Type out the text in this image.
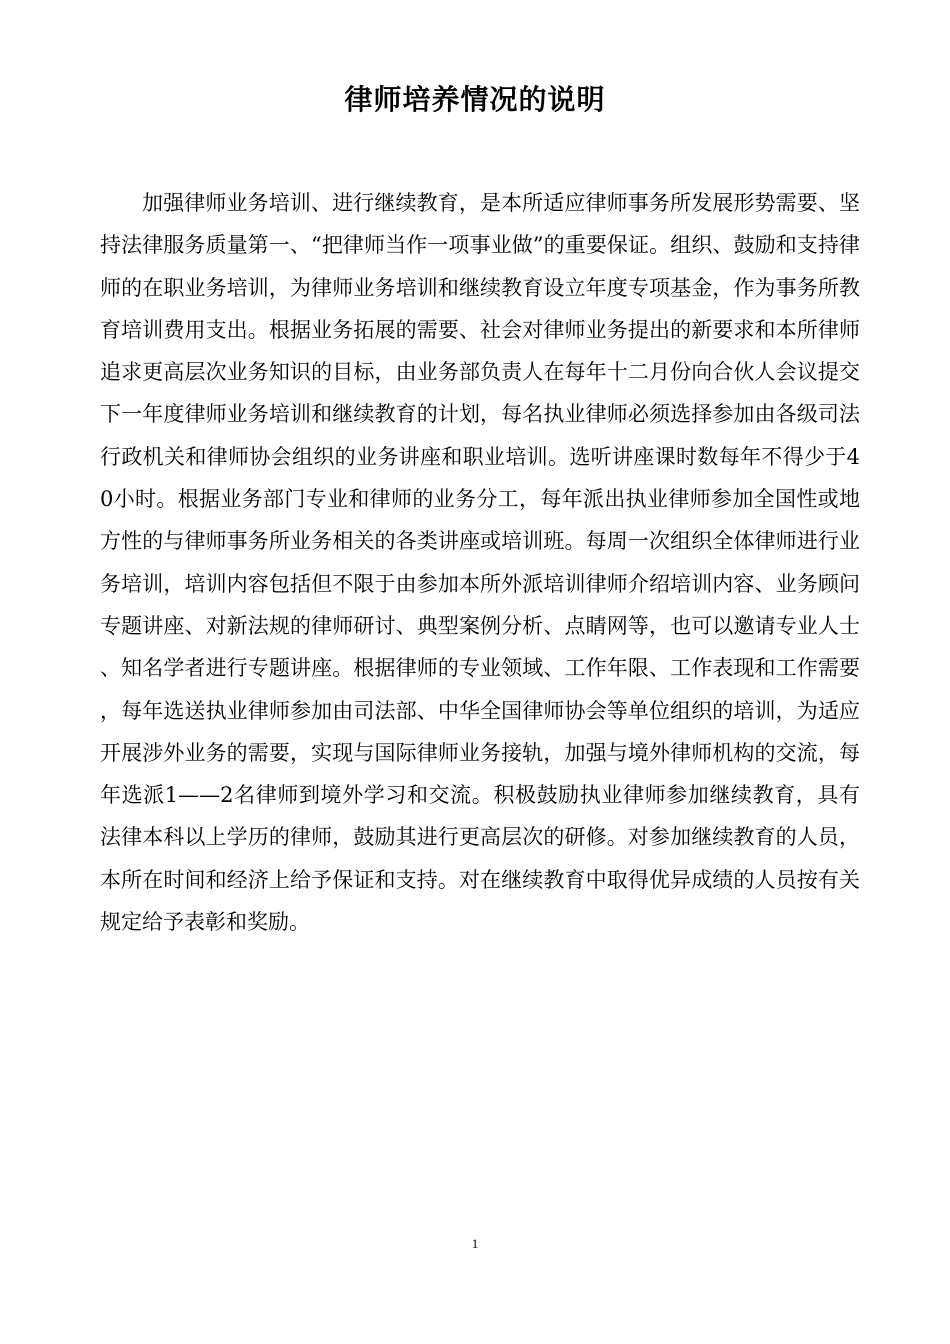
律师培养情况的说明

加强律师业务培训、进行继续教育，是本所适应律师事务所发展形势需要、坚持法律服务质量第一、“把律师当作一项事业做”的重要保证。组织、鼓励和支持律师的在职业务培训，为律师业务培训和继续教育设立年度专项基金，作为事务所教育培训费用支出。根据业务拓展的需要、社会对律师业务提出的新要求和本所律师追求更高层次业务知识的目标，由业务部负责人在每年十二月份向合伙人会议提交下一年度律师业务培训和继续教育的计划，每名执业律师必须选择参加由各级司法行政机关和律师协会组织的业务讲座和职业培训。选听讲座课时数每年不得少于40小时。根据业务部门专业和律师的业务分工，每年派出执业律师参加全国性或地方性的与律师事务所业务相关的各类讲座或培训班。每周一次组织全体律师进行业务培训，培训内容包括但不限于由参加本所外派培训律师介绍培训内容、业务顾问专题讲座、对新法规的律师研讨、典型案例分析、点睛网等，也可以邀请专业人士、知名学者进行专题讲座。根据律师的专业领域、工作年限、工作表现和工作需要，每年选送执业律师参加由司法部、中华全国律师协会等单位组织的培训，为适应开展涉外业务的需要，实现与国际律师业务接轨，加强与境外律师机构的交流，每年选派1——2名律师到境外学习和交流。积极鼓励执业律师参加继续教育，具有法律本科以上学历的律师，鼓励其进行更高层次的研修。对参加继续教育的人员，本所在时间和经济上给予保证和支持。对在继续教育中取得优异成绩的人员按有关规定给予表彰和奖励。

1
